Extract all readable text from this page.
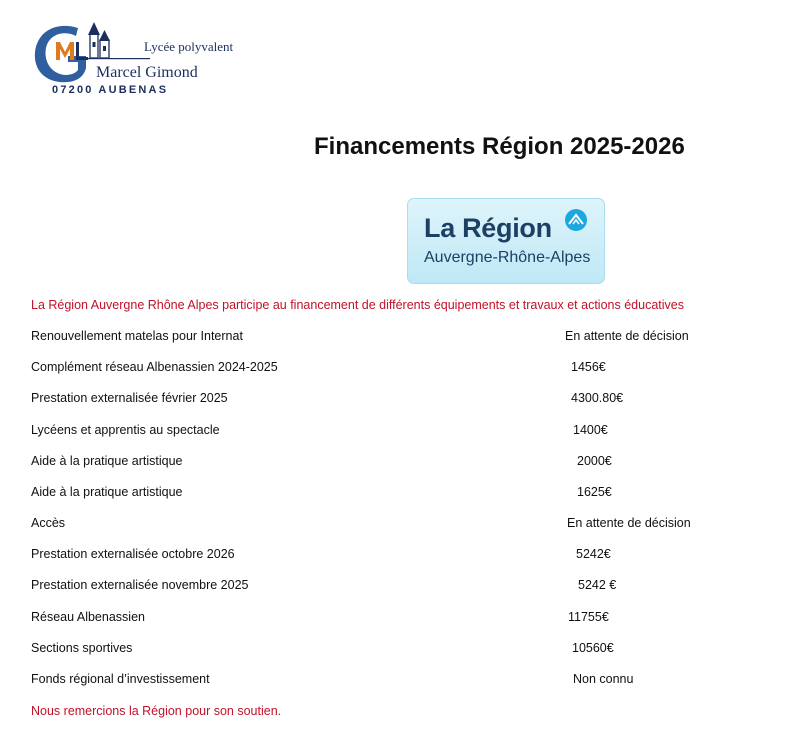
Lycée polyvalent
Marcel Gimond
07200 AUBENAS
Financements Région 2025-2026
La Région
Auvergne-Rhône-Alpes

La Région Auvergne Rhône Alpes participe au financement de différents équipements et travaux et actions éducatives

Renouvellement matelas pour Internat	En attente de décision
Complément réseau Albenassien 2024-2025	1456€
Prestation externalisée février 2025	4300.80€
Lycéens et apprentis au spectacle	1400€
Aide à la pratique artistique	2000€
Aide à la pratique artistique	1625€
Accès	En attente de décision
Prestation externalisée octobre 2026	5242€
Prestation externalisée novembre 2025	5242 €
Réseau Albenassien	11755€
Sections sportives	10560€
Fonds régional d’investissement	Non connu

Nous remercions la Région pour son soutien.
